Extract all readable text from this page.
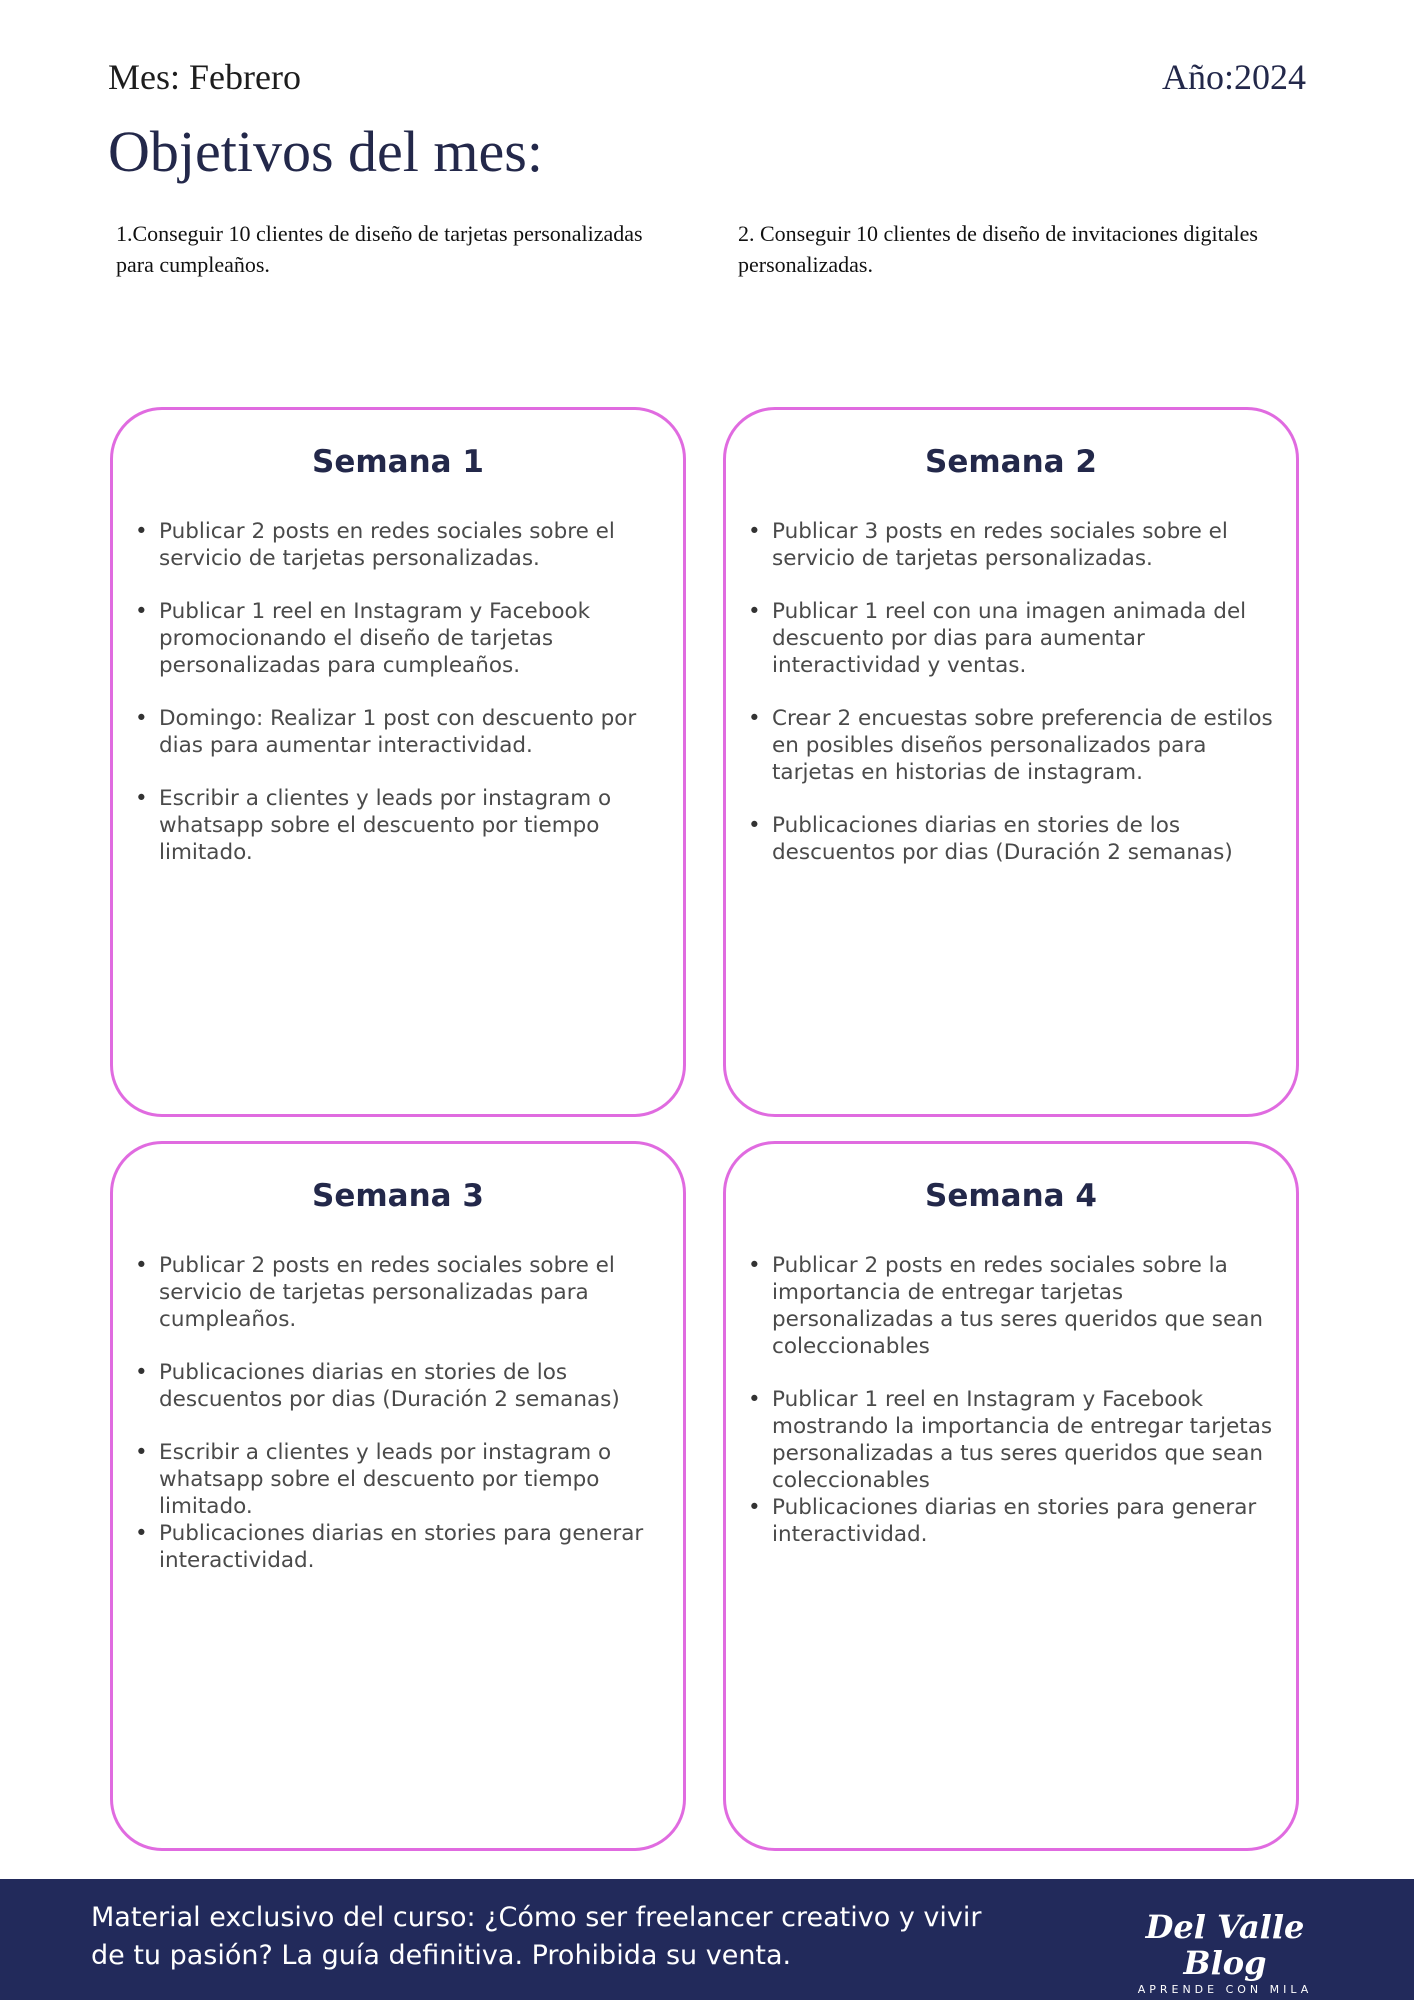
Mes: Febrero	Año:2024
Objetivos del mes:
1.Conseguir 10 clientes de diseño de tarjetas personalizadas para cumpleaños.
2. Conseguir 10 clientes de diseño de invitaciones digitales personalizadas.
Semana 1
• Publicar 2 posts en redes sociales sobre el servicio de tarjetas personalizadas.
• Publicar 1 reel en Instagram y Facebook promocionando el diseño de tarjetas personalizadas para cumpleaños.
• Domingo: Realizar 1 post con descuento por dias para aumentar interactividad.
• Escribir a clientes y leads por instagram o whatsapp sobre el descuento por tiempo limitado.
Semana 2
• Publicar 3 posts en redes sociales sobre el servicio de tarjetas personalizadas.
• Publicar 1 reel con una imagen animada del descuento por dias para aumentar interactividad y ventas.
• Crear 2 encuestas sobre preferencia de estilos en posibles diseños personalizados para tarjetas en historias de instagram.
• Publicaciones diarias en stories de los descuentos por dias (Duración 2 semanas)
Semana 3
• Publicar 2 posts en redes sociales sobre el servicio de tarjetas personalizadas para cumpleaños.
• Publicaciones diarias en stories de los descuentos por dias (Duración 2 semanas)
• Escribir a clientes y leads por instagram o whatsapp sobre el descuento por tiempo limitado.
• Publicaciones diarias en stories para generar interactividad.
Semana 4
• Publicar 2 posts en redes sociales sobre la importancia de entregar tarjetas personalizadas a tus seres queridos que sean coleccionables
• Publicar 1 reel en Instagram y Facebook mostrando la importancia de entregar tarjetas personalizadas a tus seres queridos que sean coleccionables
• Publicaciones diarias en stories para generar interactividad.
Material exclusivo del curso: ¿Cómo ser freelancer creativo y vivir de tu pasión? La guía definitiva. Prohibida su venta.
Del Valle Blog
APRENDE CON MILA
